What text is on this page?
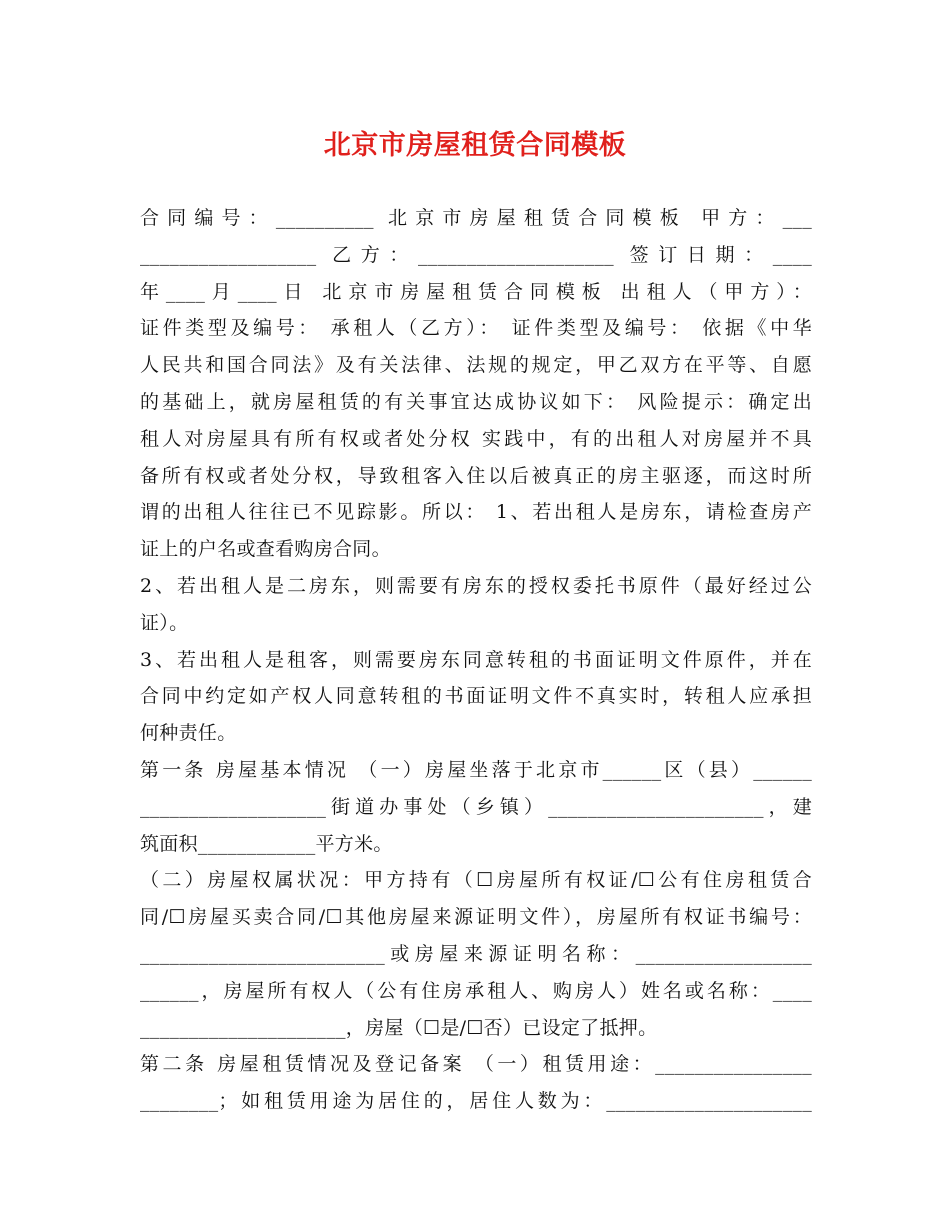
北京市房屋租赁合同模板
合同编号：__________ 北京市房屋租赁合同模板 甲方：___
__________________ 乙方：____________________ 签订日期：____
年____月____日 北京市房屋租赁合同模板 出租人（甲方）：
证件类型及编号： 承租人（乙方）： 证件类型及编号： 依据《中华
人民共和国合同法》及有关法律、法规的规定，甲乙双方在平等、自愿
的基础上，就房屋租赁的有关事宜达成协议如下： 风险提示：确定出
租人对房屋具有所有权或者处分权 实践中，有的出租人对房屋并不具
备所有权或者处分权，导致租客入住以后被真正的房主驱逐，而这时所
谓的出租人往往已不见踪影。所以： 1、若出租人是房东，请检查房产
证上的户名或查看购房合同。
2、若出租人是二房东，则需要有房东的授权委托书原件（最好经过公
证）。
3、若出租人是租客，则需要房东同意转租的书面证明文件原件，并在
合同中约定如产权人同意转租的书面证明文件不真实时，转租人应承担
何种责任。
第一条 房屋基本情况 （一）房屋坐落于北京市______区（县）______
___________________街道办事处（乡镇）______________________，建
筑面积____________平方米。
（二）房屋权属状况：甲方持有（☐房屋所有权证/☐公有住房租赁合
同/☐房屋买卖合同/☐其他房屋来源证明文件），房屋所有权证书编号：
_________________________或房屋来源证明名称：__________________
______，房屋所有权人（公有住房承租人、购房人）姓名或名称：____
_____________________，房屋（☐是/☐否）已设定了抵押。
第二条 房屋租赁情况及登记备案 （一）租赁用途：________________
________；如租赁用途为居住的，居住人数为：_____________________
